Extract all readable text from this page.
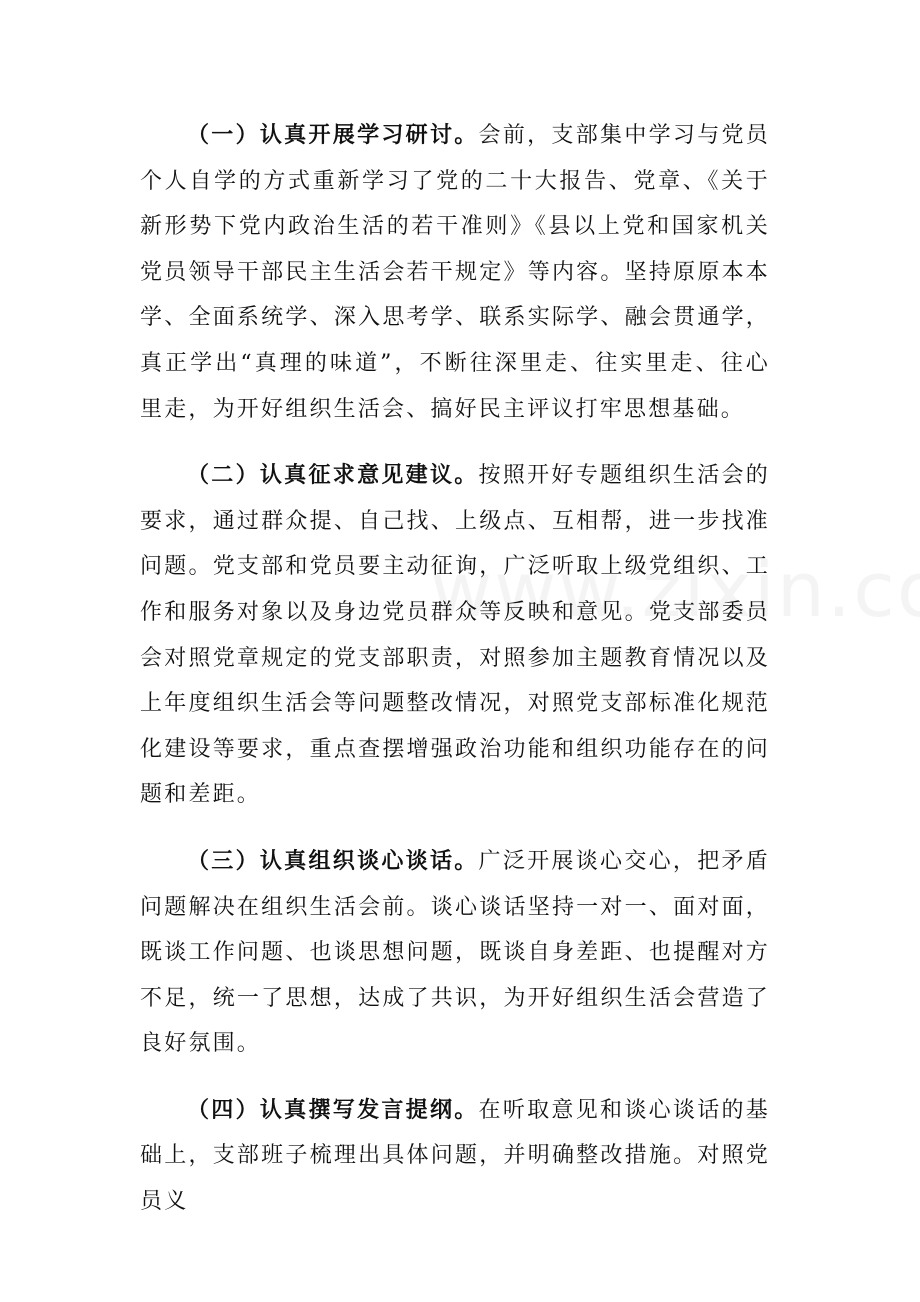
（一）认真开展学习研讨。会前，支部集中学习与党员个人自学的方式重新学习了党的二十大报告、党章、《关于新形势下党内政治生活的若干准则》《县以上党和国家机关党员领导干部民主生活会若干规定》等内容。坚持原原本本学、全面系统学、深入思考学、联系实际学、融会贯通学，真正学出“真理的味道”，不断往深里走、往实里走、往心里走，为开好组织生活会、搞好民主评议打牢思想基础。

（二）认真征求意见建议。按照开好专题组织生活会的要求，通过群众提、自己找、上级点、互相帮，进一步找准问题。党支部和党员要主动征询，广泛听取上级党组织、工作和服务对象以及身边党员群众等反映和意见。党支部委员会对照党章规定的党支部职责，对照参加主题教育情况以及上年度组织生活会等问题整改情况，对照党支部标准化规范化建设等要求，重点查摆增强政治功能和组织功能存在的问题和差距。

（三）认真组织谈心谈话。广泛开展谈心交心，把矛盾问题解决在组织生活会前。谈心谈话坚持一对一、面对面，既谈工作问题、也谈思想问题，既谈自身差距、也提醒对方不足，统一了思想，达成了共识，为开好组织生活会营造了良好氛围。

（四）认真撰写发言提纲。在听取意见和谈心谈话的基础上，支部班子梳理出具体问题，并明确整改措施。对照党员义
